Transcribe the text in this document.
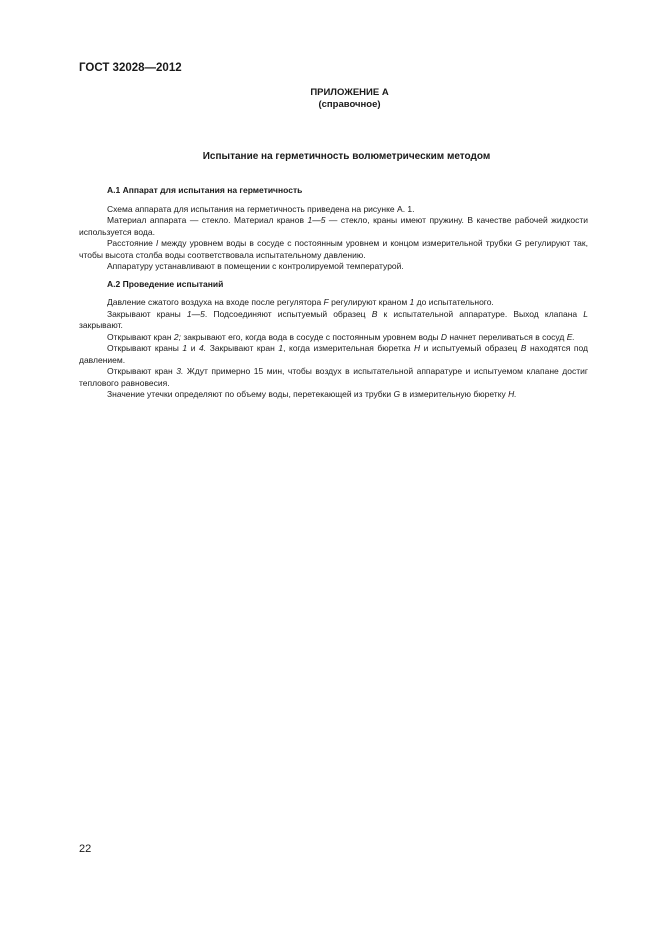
ГОСТ 32028—2012
ПРИЛОЖЕНИЕ А
(справочное)
Испытание на герметичность волюметрическим методом
А.1 Аппарат для испытания на герметичность

Схема аппарата для испытания на герметичность приведена на рисунке А. 1.

Материал аппарата — стекло. Материал кранов 1—5 — стекло, краны имеют пружину. В качестве рабочей жидкости используется вода.

Расстояние l между уровнем воды в сосуде с постоянным уровнем и концом измерительной трубки G регулируют так, чтобы высота столба воды соответствовала испытательному давлению.

Аппаратуру устанавливают в помещении с контролируемой температурой.

А.2 Проведение испытаний

Давление сжатого воздуха на входе после регулятора F регулируют краном 1 до испытательного.

Закрывают краны 1—5. Подсоединяют испытуемый образец В к испытательной аппаратуре. Выход клапана L закрывают.

Открывают кран 2; закрывают его, когда вода в сосуде с постоянным уровнем воды D начнет переливаться в сосуд Е.

Открывают краны 1 и 4. Закрывают кран 1, когда измерительная бюретка Н и испытуемый образец В находятся под давлением.

Открывают кран 3. Ждут примерно 15 мин, чтобы воздух в испытательной аппаратуре и испытуемом клапане достиг теплового равновесия.

Значение утечки определяют по объему воды, перетекающей из трубки G в измерительную бюретку Н.

22
